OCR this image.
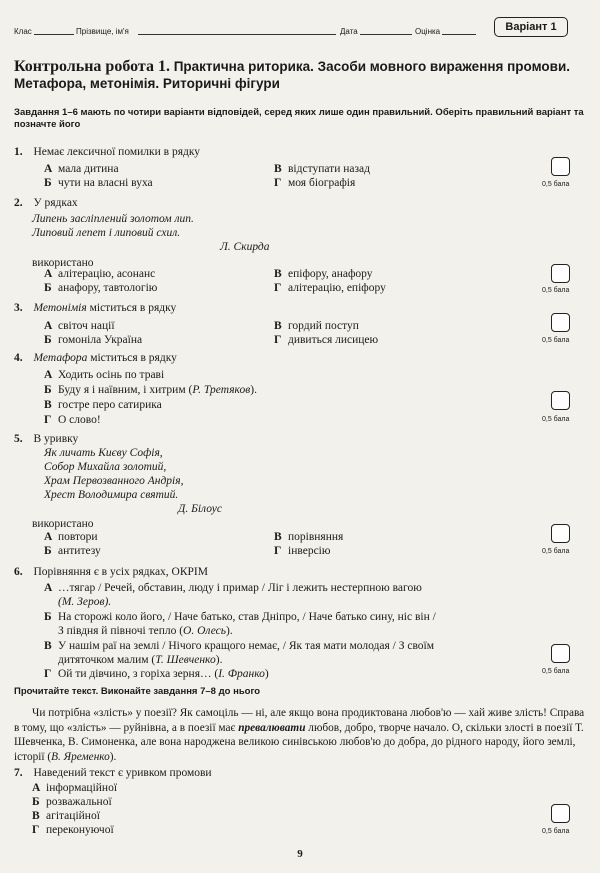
Клас	Прізвище, ім'я	Дата	Оцінка	Варіант 1
Контрольна робота 1. Практична риторика. Засоби мовного вираження промови. Метафора, метонімія. Риторичні фігури
Завдання 1–6 мають по чотири варіанти відповідей, серед яких лише один правильний. Оберіть правильний варіант та позначте його
1. Немає лексичної помилки в рядку
А мала дитина
Б чути на власні вуха
В відступати назад
Г моя біографія	0,5 бала
2. У рядках
Липень засліплений золотом лип.
Липовий лепет і липовий схил.
Л. Скирда
використано
А алітерацію, асонанс
Б анафору, тавтологію
В епіфору, анафору
Г алітерацію, епіфору	0,5 бала
3. Метонімія міститься в рядку
А світоч нації
Б гомоніла Україна
В гордий поступ
Г дивиться лисицею	0,5 бала
4. Метафора міститься в рядку
А Ходить осінь по траві
Б Буду я і наївним, і хитрим (Р. Третяков).
В гостре перо сатирика
Г О слово!	0,5 бала
5. В уривку
Як личать Києву Софія,
Собор Михайла золотий,
Храм Первозванного Андрія,
Хрест Володимира святий.
Д. Білоус
використано
А повтори
Б антитезу
В порівняння
Г інверсію	0,5 бала
6. Порівняння є в усіх рядках, ОКРІМ
А …тягар / Речей, обставин, люду і примар / Ліг і лежить нестерпною вагою
(М. Зеров).
Б На сторожі коло його, / Наче батько, став Дніпро, / Наче батько сину, ніс він /
З півдня й півночі тепло (О. Олесь).
В У нашім раї на землі / Нічого кращого немає, / Як тая мати молодая / З своїм
дитяточком малим (Т. Шевченко).
Г Ой ти дівчино, з горіха зерня… (І. Франко)	0,5 бала
Прочитайте текст. Виконайте завдання 7–8 до нього
Чи потрібна «злість» у поезії? Як самоціль — ні, але якщо вона продиктована любов'ю — хай живе злість! Справа в тому, що «злість» — руйнівна, а в поезії має превалювати любов, добро, творче начало. О, скільки злості в поезії Т. Шевченка, В. Симоненка, але вона народжена великою синівською любов'ю до добра, до рідного народу, його землі, історії (В. Яременко).
7. Наведений текст є уривком промови
А інформаційної
Б розважальної
В агітаційної
Г переконуючої	0,5 бала
9
